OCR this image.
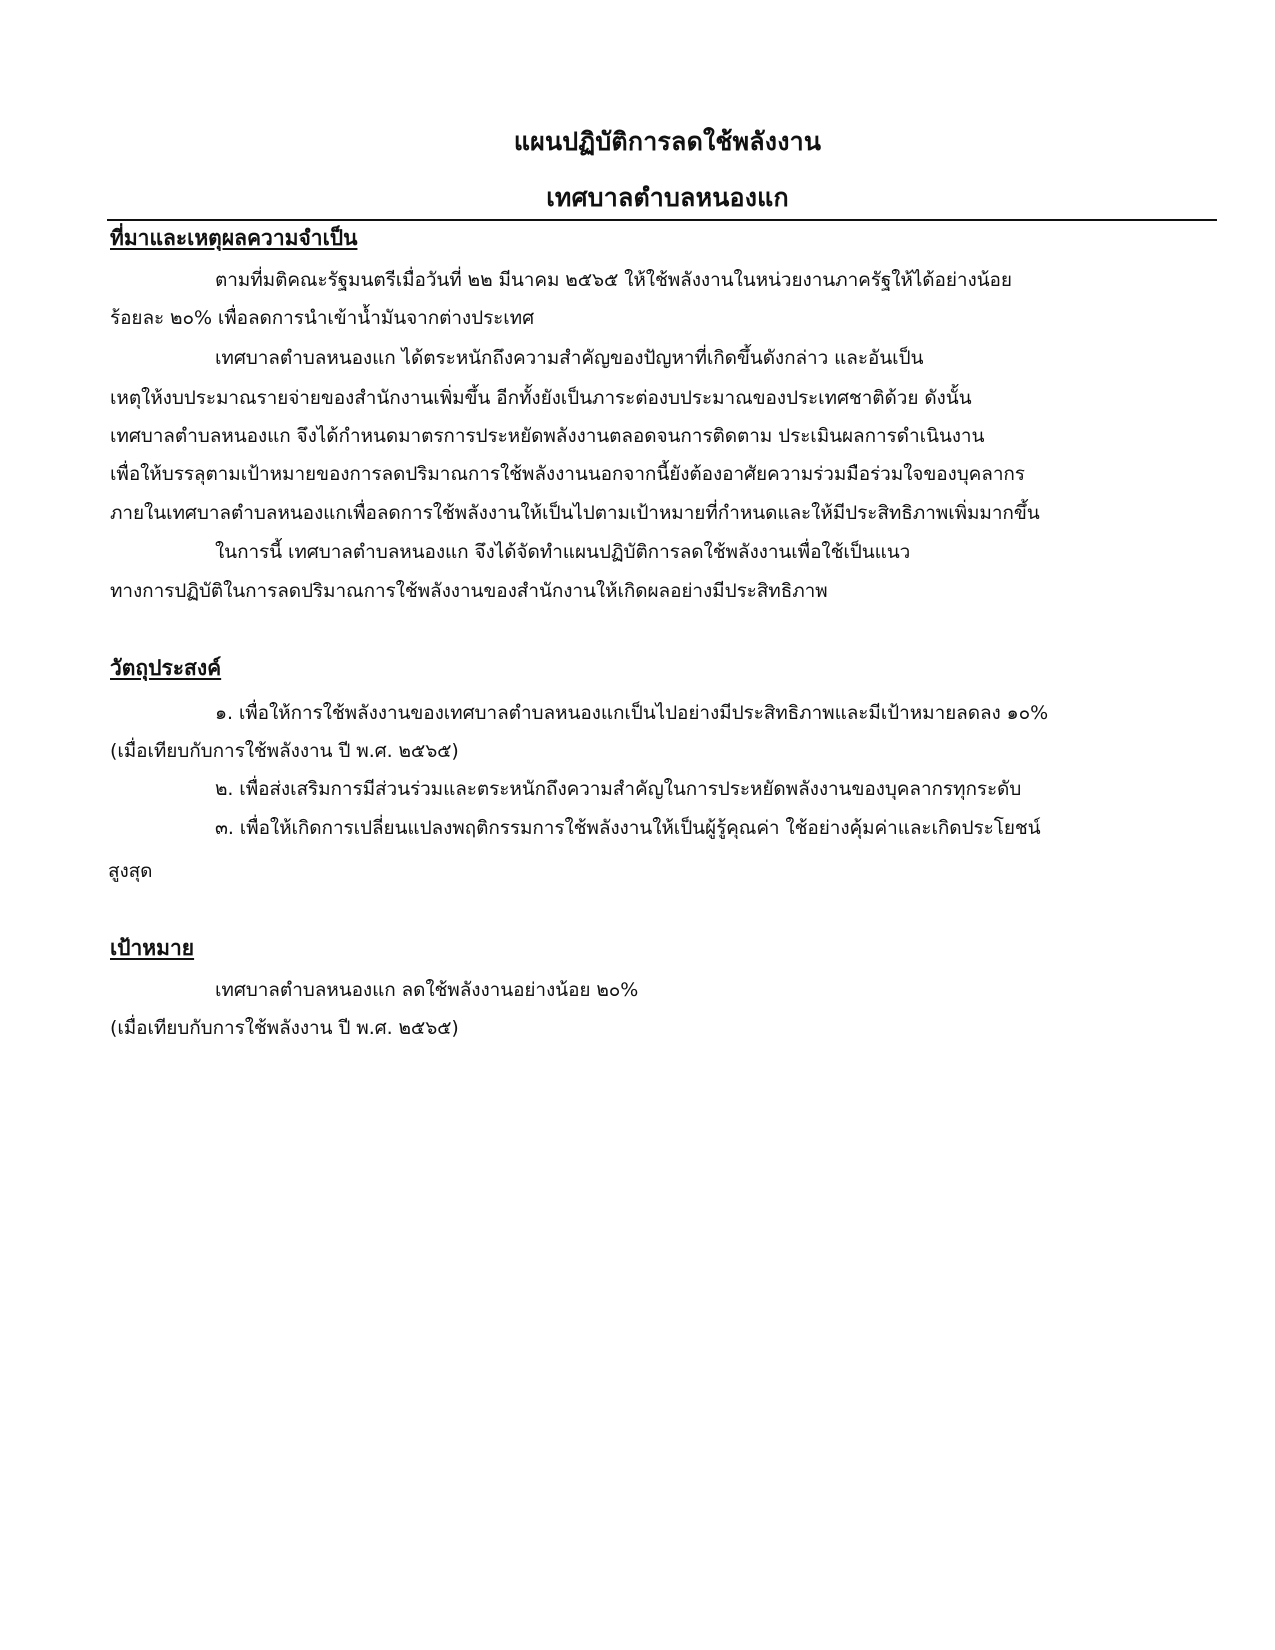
แผนปฏิบัติการลดใช้พลังงาน
เทศบาลตำบลหนองแก
ที่มาและเหตุผลความจำเป็น
ตามที่มติคณะรัฐมนตรีเมื่อวันที่ ๒๒ มีนาคม ๒๕๖๕ ให้ใช้พลังงานในหน่วยงานภาครัฐให้ได้อย่างน้อย
ร้อยละ ๒๐% เพื่อลดการนำเข้าน้ำมันจากต่างประเทศ
เทศบาลตำบลหนองแก ได้ตระหนักถึงความสำคัญของปัญหาที่เกิดขึ้นดังกล่าว และอันเป็น
เหตุให้งบประมาณรายจ่ายของสำนักงานเพิ่มขึ้น อีกทั้งยังเป็นภาระต่องบประมาณของประเทศชาติด้วย ดังนั้น
เทศบาลตำบลหนองแก จึงได้กำหนดมาตรการประหยัดพลังงานตลอดจนการติดตาม ประเมินผลการดำเนินงาน
เพื่อให้บรรลุตามเป้าหมายของการลดปริมาณการใช้พลังงานนอกจากนี้ยังต้องอาศัยความร่วมมือร่วมใจของบุคลากร
ภายในเทศบาลตำบลหนองแกเพื่อลดการใช้พลังงานให้เป็นไปตามเป้าหมายที่กำหนดและให้มีประสิทธิภาพเพิ่มมากขึ้น
ในการนี้ เทศบาลตำบลหนองแก จึงได้จัดทำแผนปฏิบัติการลดใช้พลังงานเพื่อใช้เป็นแนว
ทางการปฏิบัติในการลดปริมาณการใช้พลังงานของสำนักงานให้เกิดผลอย่างมีประสิทธิภาพ
วัตถุประสงค์
๑. เพื่อให้การใช้พลังงานของเทศบาลตำบลหนองแกเป็นไปอย่างมีประสิทธิภาพและมีเป้าหมายลดลง ๑๐%
(เมื่อเทียบกับการใช้พลังงาน ปี พ.ศ. ๒๕๖๕)
๒. เพื่อส่งเสริมการมีส่วนร่วมและตระหนักถึงความสำคัญในการประหยัดพลังงานของบุคลากรทุกระดับ
๓. เพื่อให้เกิดการเปลี่ยนแปลงพฤติกรรมการใช้พลังงานให้เป็นผู้รู้คุณค่า ใช้อย่างคุ้มค่าและเกิดประโยชน์
สูงสุด
เป้าหมาย
เทศบาลตำบลหนองแก ลดใช้พลังงานอย่างน้อย ๒๐%
(เมื่อเทียบกับการใช้พลังงาน ปี พ.ศ. ๒๕๖๕)
